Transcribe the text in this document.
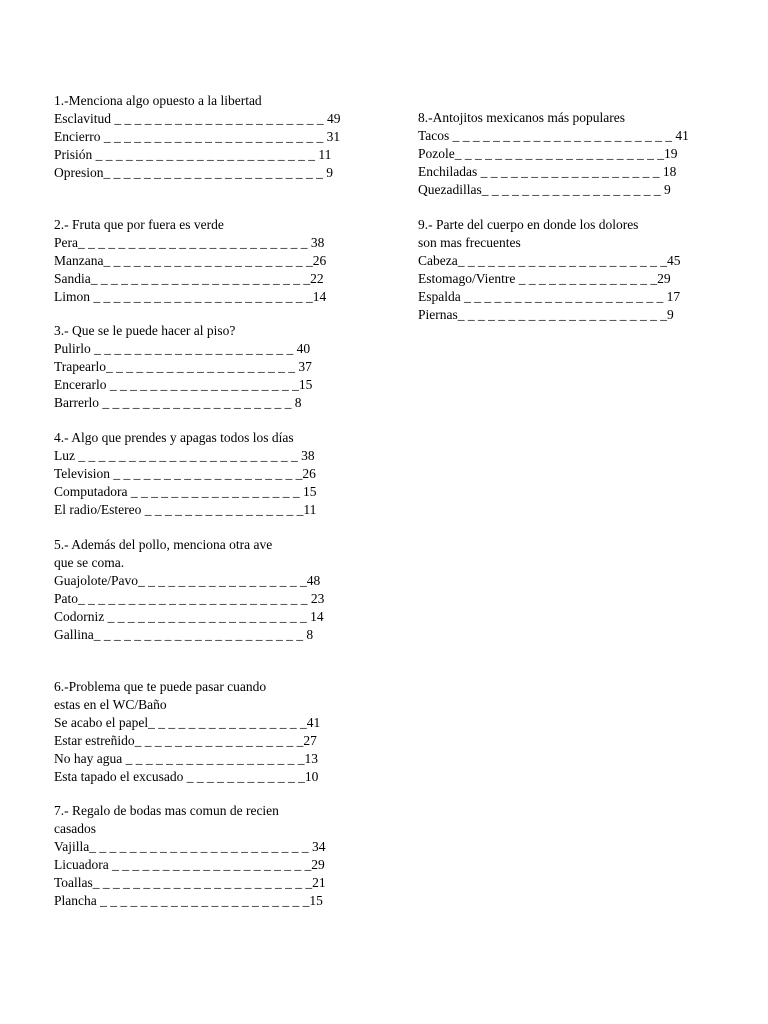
1.-Menciona algo opuesto a la libertad

Esclavitud _ _ _ _ _ _ _ _ _ _ _ _ _ _ _ _ _ _ _ _ _ 49

Encierro _ _ _ _ _ _ _ _ _ _ _ _ _ _ _ _ _ _ _ _ _ _ 31

Prisión _ _ _ _ _ _ _ _ _ _ _ _ _ _ _ _ _ _ _ _ _ _ 11

Opresion_ _ _ _ _ _ _ _ _ _ _ _ _ _ _ _ _ _ _ _ _ _ 9

2.- Fruta que por fuera es verde

Pera_ _ _ _ _ _ _ _ _ _ _ _ _ _ _ _ _ _ _ _ _ _ _ 38

Manzana_ _ _ _ _ _ _ _ _ _ _ _ _ _ _ _ _ _ _ _ _26

Sandia_ _ _ _ _ _ _ _ _ _ _ _ _ _ _ _ _ _ _ _ _ _22

Limon _ _ _ _ _ _ _ _ _ _ _ _ _ _ _ _ _ _ _ _ _ _14

3.- Que se le puede hacer al piso?

Pulirlo _ _ _ _ _ _ _ _ _ _ _ _ _ _ _ _ _ _ _ _ 40

Trapearlo_ _ _ _ _ _ _ _ _ _ _ _ _ _ _ _ _ _ _ 37

Encerarlo _ _ _ _ _ _ _ _ _ _ _ _ _ _ _ _ _ _ _15

Barrerlo _ _ _ _ _ _ _ _ _ _ _ _ _ _ _ _ _ _ _ 8

4.- Algo que prendes y apagas todos los días

Luz _ _ _ _ _ _ _ _ _ _ _ _ _ _ _ _ _ _ _ _ _ _ 38

Television _ _ _ _ _ _ _ _ _ _ _ _ _ _ _ _ _ _ _26

Computadora _ _ _ _ _ _ _ _ _ _ _ _ _ _ _ _ _ 15

El radio/Estereo _ _ _ _ _ _ _ _ _ _ _ _ _ _ _ _11

5.- Además del pollo, menciona otra ave

que se coma.

Guajolote/Pavo_ _ _ _ _ _ _ _ _ _ _ _ _ _ _ _ _48

Pato_ _ _ _ _ _ _ _ _ _ _ _ _ _ _ _ _ _ _ _ _ _ _ 23

Codorniz _ _ _ _ _ _ _ _ _ _ _ _ _ _ _ _ _ _ _ _ 14

Gallina_ _ _ _ _ _ _ _ _ _ _ _ _ _ _ _ _ _ _ _ _ 8

6.-Problema que te puede pasar cuando

estas en el WC/Baño

Se acabo el papel_ _ _ _ _ _ _ _ _ _ _ _ _ _ _ _41

Estar estreñido_ _ _ _ _ _ _ _ _ _ _ _ _ _ _ _ _27

No hay agua _ _ _ _ _ _ _ _ _ _ _ _ _ _ _ _ _ _13

Esta tapado el excusado _ _ _ _ _ _ _ _ _ _ _ _10

7.- Regalo de bodas mas comun de recien

casados

Vajilla_ _ _ _ _ _ _ _ _ _ _ _ _ _ _ _ _ _ _ _ _ _ 34

Licuadora _ _ _ _ _ _ _ _ _ _ _ _ _ _ _ _ _ _ _ _29

Toallas_ _ _ _ _ _ _ _ _ _ _ _ _ _ _ _ _ _ _ _ _ _21

Plancha _ _ _ _ _ _ _ _ _ _ _ _ _ _ _ _ _ _ _ _ _15

8.-Antojitos mexicanos más populares

Tacos _ _ _ _ _ _ _ _ _ _ _ _ _ _ _ _ _ _ _ _ _ _ 41

Pozole_ _ _ _ _ _ _ _ _ _ _ _ _ _ _ _ _ _ _ _ _19

Enchiladas _ _ _ _ _ _ _ _ _ _ _ _ _ _ _ _ _ _ 18

Quezadillas_ _ _ _ _ _ _ _ _ _ _ _ _ _ _ _ _ _ 9

9.- Parte del cuerpo en donde los dolores

son mas frecuentes

Cabeza_ _ _ _ _ _ _ _ _ _ _ _ _ _ _ _ _ _ _ _ _45

Estomago/Vientre _ _ _ _ _ _ _ _ _ _ _ _ _ _29

Espalda _ _ _ _ _ _ _ _ _ _ _ _ _ _ _ _ _ _ _ _ 17

Piernas_ _ _ _ _ _ _ _ _ _ _ _ _ _ _ _ _ _ _ _ _9
